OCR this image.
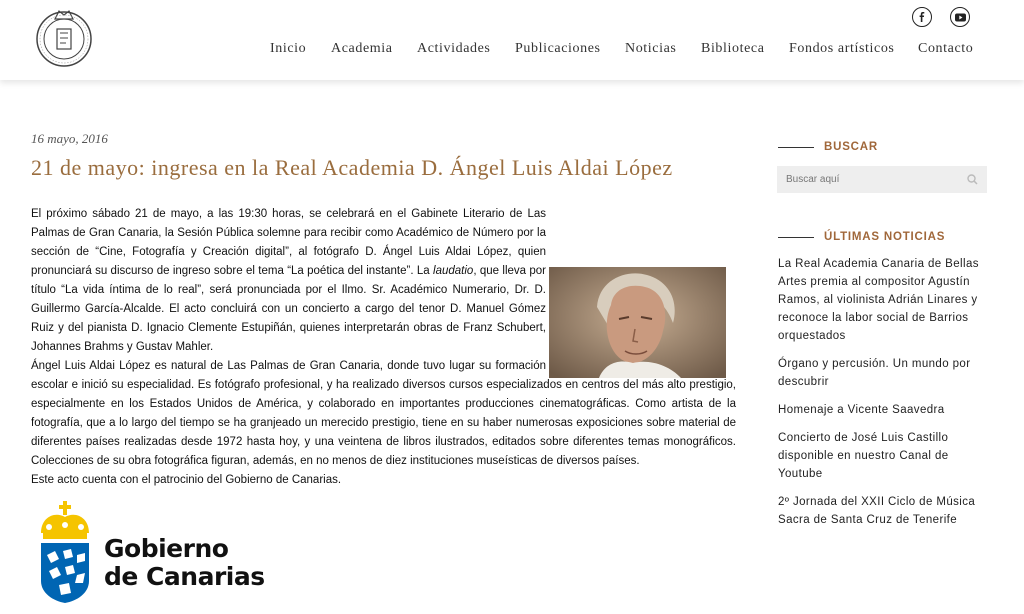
Inicio Academia Actividades Publicaciones Noticias Biblioteca Fondos artísticos Contacto
16 mayo, 2016
21 de mayo: ingresa en la Real Academia D. Ángel Luis Aldai López

El próximo sábado 21 de mayo, a las 19:30 horas, se celebrará en el Gabinete Literario de Las Palmas de Gran Canaria, la Sesión Pública solemne para recibir como Académico de Número por la sección de “Cine, Fotografía y Creación digital”, al fotógrafo D. Ángel Luis Aldai López, quien pronunciará su discurso de ingreso sobre el tema “La poética del instante”. La laudatio, que lleva por título “La vida íntima de lo real”, será pronunciada por el Ilmo. Sr. Académico Numerario, Dr. D. Guillermo García-Alcalde. El acto concluirá con un concierto a cargo del tenor D. Manuel Gómez Ruiz y del pianista D. Ignacio Clemente Estupiñán, quienes interpretarán obras de Franz Schubert, Johannes Brahms y Gustav Mahler.

Ángel Luis Aldai López es natural de Las Palmas de Gran Canaria, donde tuvo lugar su formación escolar e inició su especialidad. Es fotógrafo profesional, y ha realizado diversos cursos especializados en centros del más alto prestigio, especialmente en los Estados Unidos de América, y colaborado en importantes producciones cinematográficas. Como artista de la fotografía, que a lo largo del tiempo se ha granjeado un merecido prestigio, tiene en su haber numerosas exposiciones sobre material de diferentes países realizadas desde 1972 hasta hoy, y una veintena de libros ilustrados, editados sobre diferentes temas monográficos. Colecciones de su obra fotográfica figuran, además, en no menos de diez instituciones museísticas de diversos países.

Este acto cuenta con el patrocinio del Gobierno de Canarias.

Gobierno
de Canarias
BUSCAR
Buscar aquí
ÚLTIMAS NOTICIAS
La Real Academia Canaria de Bellas Artes premia al compositor Agustín Ramos, al violinista Adrián Linares y reconoce la labor social de Barrios orquestados
Órgano y percusión. Un mundo por descubrir
Homenaje a Vicente Saavedra
Concierto de José Luis Castillo disponible en nuestro Canal de Youtube
2º Jornada del XXII Ciclo de Música Sacra de Santa Cruz de Tenerife
